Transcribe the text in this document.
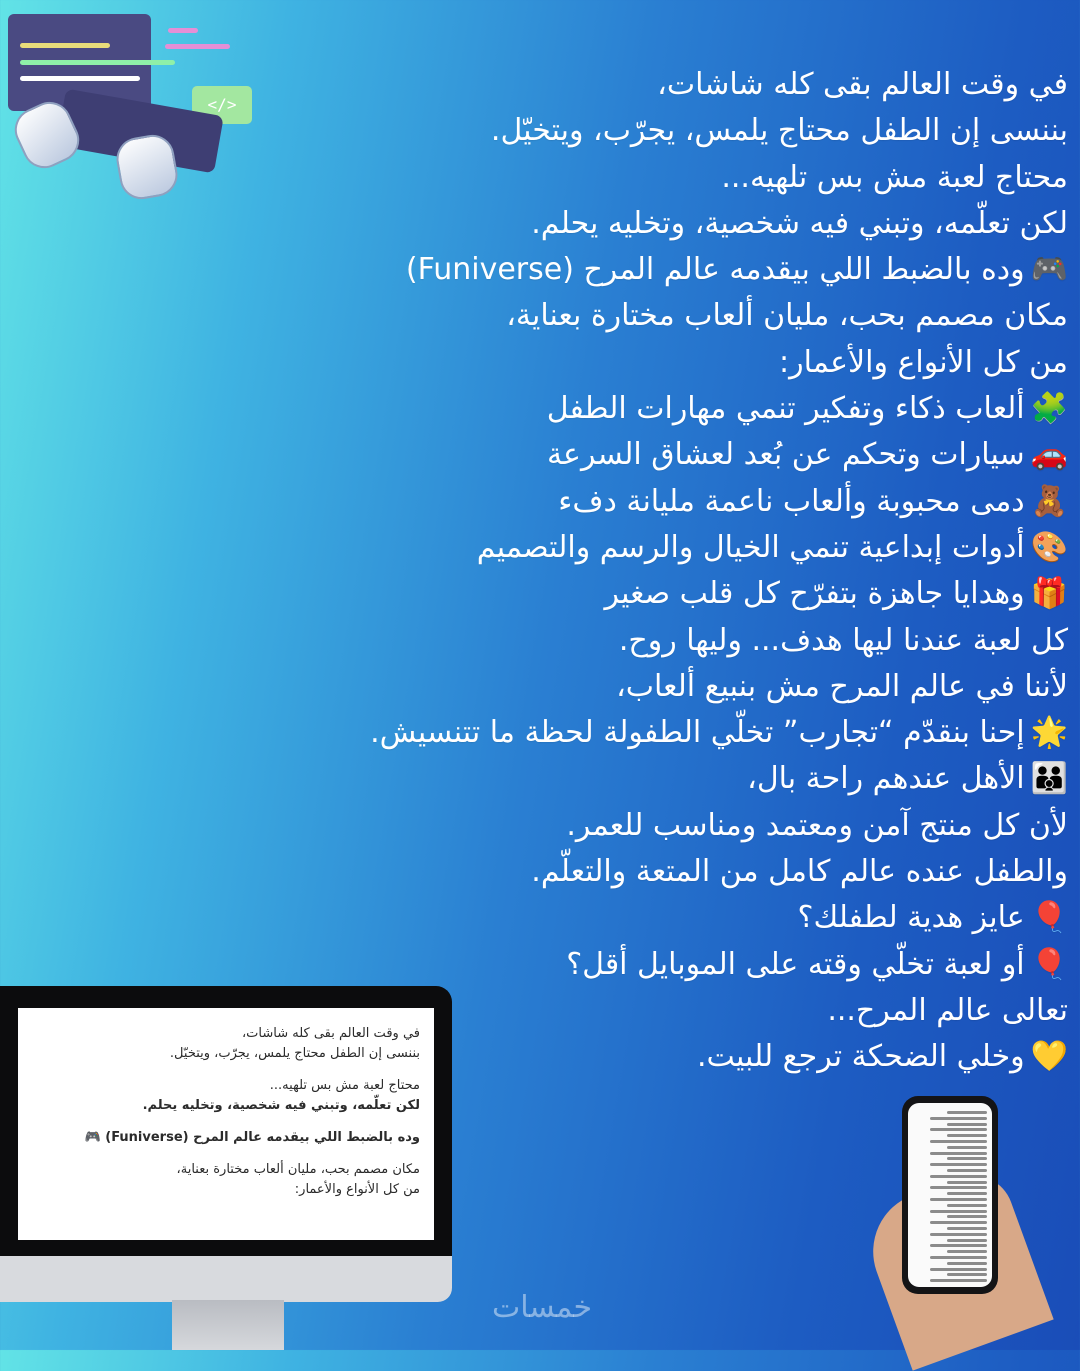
</>
في وقت العالم بقى كله شاشات،
بننسى إن الطفل محتاج يلمس، يجرّب، ويتخيّل.
محتاج لعبة مش بس تلهيه...
لكن تعلّمه، وتبني فيه شخصية، وتخليه يحلم.
🎮وده بالضبط اللي بيقدمه عالم المرح (Funiverse)
مكان مصمم بحب، مليان ألعاب مختارة بعناية،
من كل الأنواع والأعمار:
🧩ألعاب ذكاء وتفكير تنمي مهارات الطفل
🚗سيارات وتحكم عن بُعد لعشاق السرعة
🧸دمى محبوبة وألعاب ناعمة مليانة دفء
🎨أدوات إبداعية تنمي الخيال والرسم والتصميم
🎁وهدايا جاهزة بتفرّح كل قلب صغير
كل لعبة عندنا ليها هدف... وليها روح.
لأننا في عالم المرح مش بنبيع ألعاب،
🌟إحنا بنقدّم “تجارب” تخلّي الطفولة لحظة ما تتنسيش.
👪الأهل عندهم راحة بال،
لأن كل منتج آمن ومعتمد ومناسب للعمر.
والطفل عنده عالم كامل من المتعة والتعلّم.
🎈عايز هدية لطفلك؟
🎈أو لعبة تخلّي وقته على الموبايل أقل؟
تعالى عالم المرح...
💛وخلي الضحكة ترجع للبيت.
في وقت العالم بقى كله شاشات،
بننسى إن الطفل محتاج يلمس، يجرّب، ويتخيّل.
محتاج لعبة مش بس تلهيه...
لكن تعلّمه، وتبني فيه شخصية، وتخليه يحلم.
وده بالضبط اللي بيقدمه عالم المرح (Funiverse) 🎮
مكان مصمم بحب، مليان ألعاب مختارة بعناية،
من كل الأنواع والأعمار:
خمسات
